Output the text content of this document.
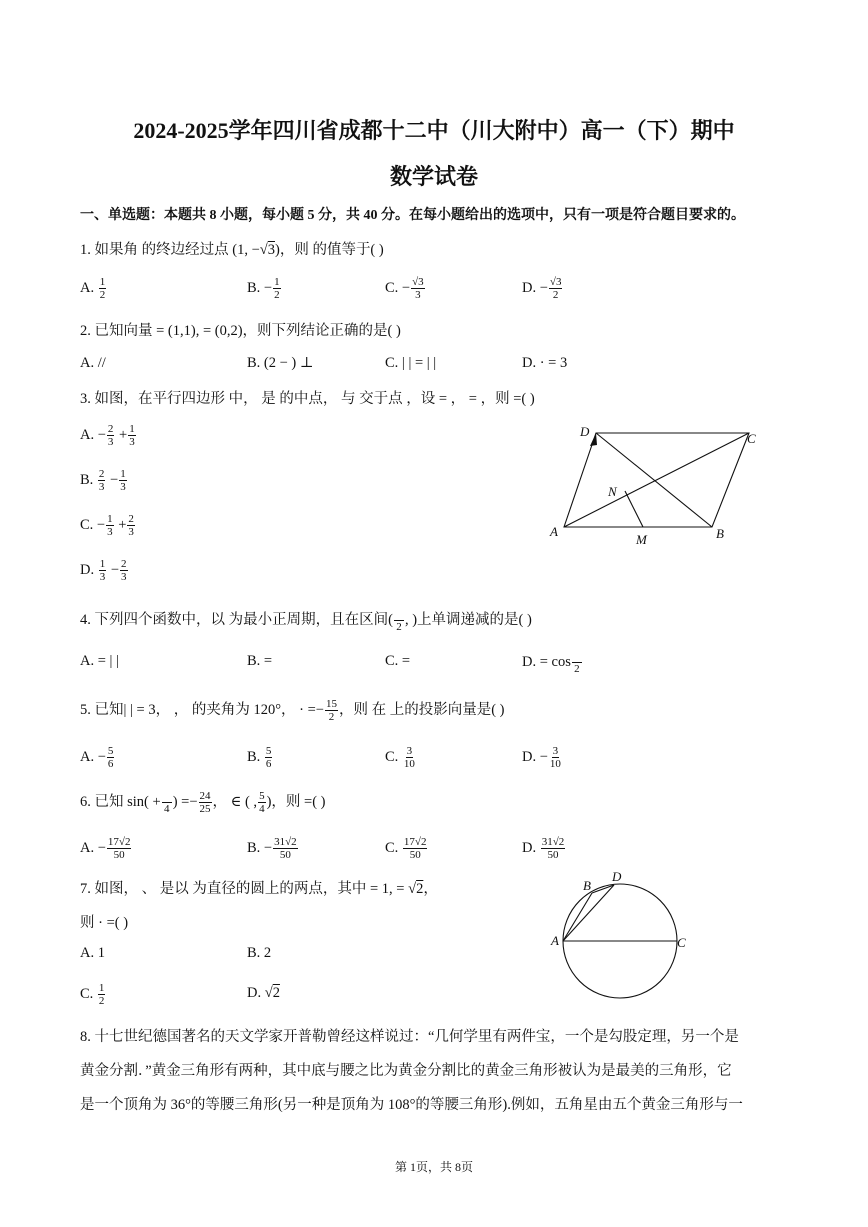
2024-2025学年四川省成都十二中（川大附中）高一（下）期中
数学试卷
一、单选题：本题共 8 小题，每小题 5 分，共 40 分。在每小题给出的选项中，只有一项是符合题目要求的。
1. 如果角 的终边经过点 (1, −√3)，则 的值等于( )
A. $\frac{1}{2}$	B. − $\frac{1}{2}$	C. − $\frac{√3}{3}$	D. − $\frac{√3}{2}$
2. 已知向量 = (1,1), = (0,2)，则下列结论正确的是( )
A. //	B. (2 − ) ⊥	C. | | = | |	D. · = 3
3. 如图，在平行四边形 中， 是 的中点， 与 交于点 ，设 = ， = ，则 =( )
A. − $\frac{2}{3} + \frac{1}{3}$
B. $\frac{2}{3} - \frac{1}{3}$
C. − $\frac{1}{3} + \frac{2}{3}$
D. $\frac{1}{3} - \frac{2}{3}$
A	B
C
D
M
N
4. 下列四个函数中，以 为最小正周期，且在区间(
2 , )上单调递减的是( )
A. = | |	B. =	C. =	D. = cos
2
5. 已知| | = 3， ， 的夹角为 120°， · =− $\frac{15}{2}$ ，则 在 上的投影向量是( )
A. − $\frac{5}{6}$	B. $\frac{5}{6}$	C. $\frac{3}{10}$	D. − $\frac{3}{10}$
6. 已知 sin( +
4 ) =− $\frac{24}{25}$ ， ∈ ( , $\frac{5}{4}$ )，则 =( )
A. − $\frac{17√2}{50}$	B. − $\frac{31√2}{50}$	C. $\frac{17√2}{50}$	D. $\frac{31√2}{50}$
7. 如图， 、 是以 为直径的圆上的两点，其中 = 1, = √2，
则 · =( )
A. 1	B. 2
C. $\frac{1}{2}$	D. √2
A
B
C
D
8. 十七世纪德国著名的天文学家开普勒曾经这样说过：“几何学里有两件宝，一个是勾股定理，另一个是
黄金分割．”黄金三角形有两种，其中底与腰之比为黄金分割比的黄金三角形被认为是最美的三角形，它
是一个顶角为 36°的等腰三角形(另一种是顶角为 108°的等腰三角形).例如，五角星由五个黄金三角形与一
第 1页，共 8页
